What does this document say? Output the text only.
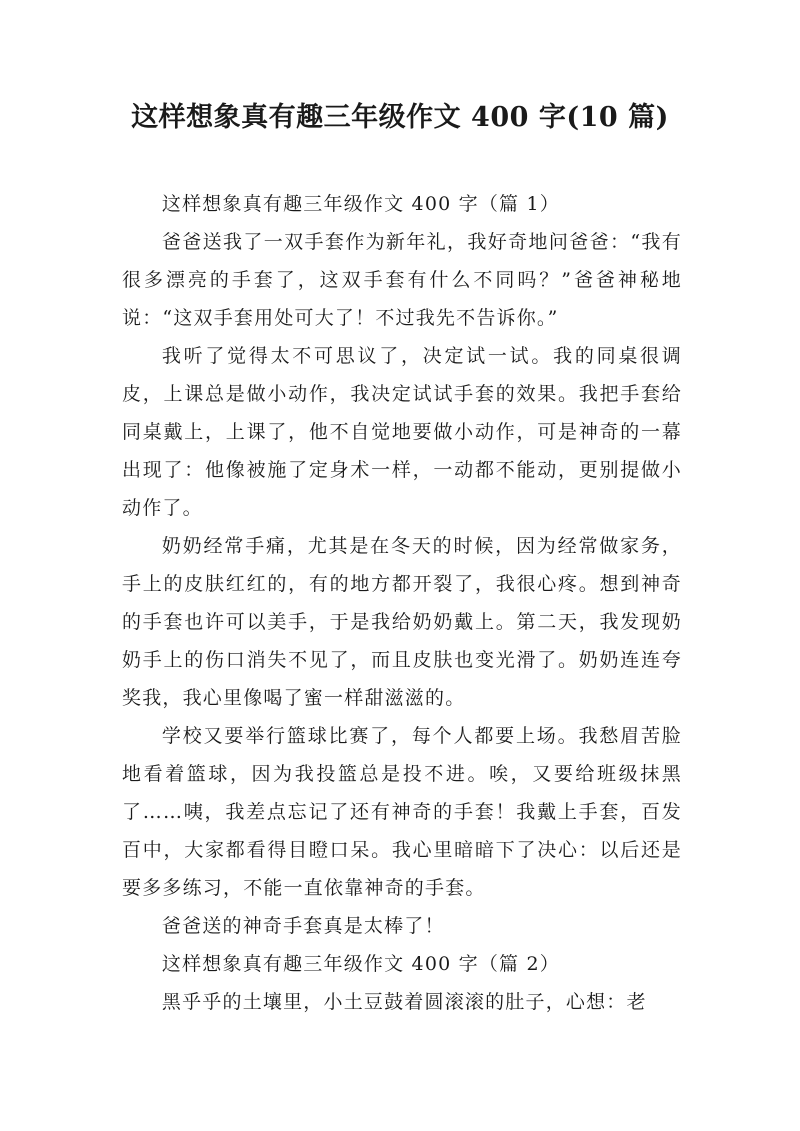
这样想象真有趣三年级作文 400 字(10 篇)

这样想象真有趣三年级作文 400 字（篇 1）

爸爸送我了一双手套作为新年礼，我好奇地问爸爸：“我有很多漂亮的手套了，这双手套有什么不同吗？”爸爸神秘地说：“这双手套用处可大了！不过我先不告诉你。”

我听了觉得太不可思议了，决定试一试。我的同桌很调皮，上课总是做小动作，我决定试试手套的效果。我把手套给同桌戴上，上课了，他不自觉地要做小动作，可是神奇的一幕出现了：他像被施了定身术一样，一动都不能动，更别提做小动作了。

奶奶经常手痛，尤其是在冬天的时候，因为经常做家务，手上的皮肤红红的，有的地方都开裂了，我很心疼。想到神奇的手套也许可以美手，于是我给奶奶戴上。第二天，我发现奶奶手上的伤口消失不见了，而且皮肤也变光滑了。奶奶连连夸奖我，我心里像喝了蜜一样甜滋滋的。

学校又要举行篮球比赛了，每个人都要上场。我愁眉苦脸地看着篮球，因为我投篮总是投不进。唉，又要给班级抹黑了……咦，我差点忘记了还有神奇的手套！我戴上手套，百发百中，大家都看得目瞪口呆。我心里暗暗下了决心：以后还是要多多练习，不能一直依靠神奇的手套。

爸爸送的神奇手套真是太棒了！

这样想象真有趣三年级作文 400 字（篇 2）

黑乎乎的土壤里，小土豆鼓着圆滚滚的肚子，心想：老
